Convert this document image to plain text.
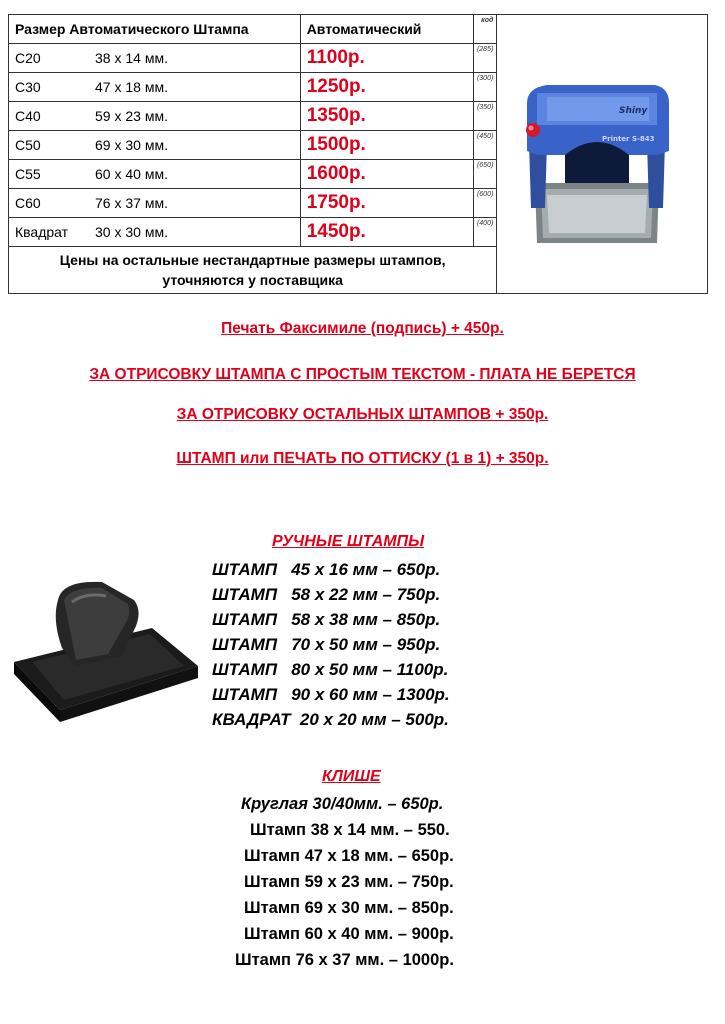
Размер Автоматического Штампа	Автоматический	код	Shiny
Printer S-843

С20 38 х 14 мм.	1100р.	(285)	

С30 47 х 18 мм.	1250р.	(300)	

С40 59 х 23 мм.	1350р.	(350)	

С50 69 х 30 мм.	1500р.	(450)	

С55 60 х 40 мм.	1600р.	(650)	

С60 76 х 37 мм.	1750р.	(600)	

Квадрат 30 х 30 мм.	1450р.	(400)	

Цены на остальные нестандартные размеры штампов,
уточняются у поставщика			
Печать Факсимиле (подпись) + 450р.
ЗА ОТРИСОВКУ ШТАМПА С ПРОСТЫМ ТЕКСТОМ - ПЛАТА НЕ БЕРЕТСЯ
ЗА ОТРИСОВКУ ОСТАЛЬНЫХ ШТАМПОВ + 350р.
ШТАМП или ПЕЧАТЬ ПО ОТТИСКУ (1 в 1) + 350р.
РУЧНЫЕ ШТАМПЫ
ШТАМП   45 х 16 мм – 650р.
ШТАМП   58 х 22 мм – 750р.
ШТАМП   58 х 38 мм – 850р.
ШТАМП   70 х 50 мм – 950р.
ШТАМП   80 х 50 мм – 1100р.
ШТАМП   90 х 60 мм – 1300р.
КВАДРАТ  20 х 20 мм – 500р.
КЛИШЕ
Круглая 30/40мм. – 650р.
Штамп 38 х 14 мм. – 550.
Штамп 47 х 18 мм. – 650р.
Штамп 59 х 23 мм. – 750р.
Штамп 69 х 30 мм. – 850р.
Штамп 60 х 40 мм. – 900р.
Штамп 76 х 37 мм. – 1000р.
